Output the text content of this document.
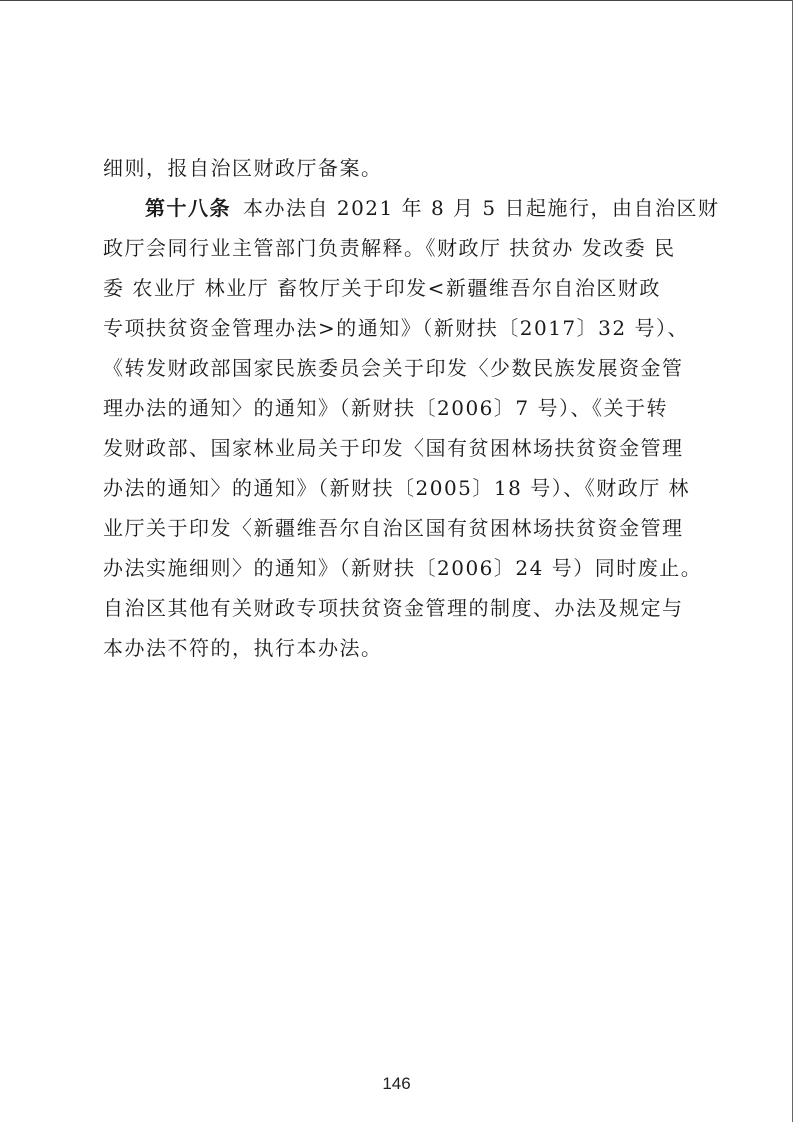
细则，报自治区财政厅备案。
第十八条 本办法自 2021 年 8 月 5 日起施行，由自治区财
政厅会同行业主管部门负责解释。《财政厅 扶贫办 发改委 民
委 农业厅 林业厅 畜牧厅关于印发<新疆维吾尔自治区财政
专项扶贫资金管理办法>的通知》（新财扶〔2017〕32 号）、
《转发财政部国家民族委员会关于印发〈少数民族发展资金管
理办法的通知〉的通知》（新财扶〔2006〕7 号）、《关于转
发财政部、国家林业局关于印发〈国有贫困林场扶贫资金管理
办法的通知〉的通知》（新财扶〔2005〕18 号）、《财政厅 林
业厅关于印发〈新疆维吾尔自治区国有贫困林场扶贫资金管理
办法实施细则〉的通知》（新财扶〔2006〕24 号）同时废止。
自治区其他有关财政专项扶贫资金管理的制度、办法及规定与
本办法不符的，执行本办法。
146
